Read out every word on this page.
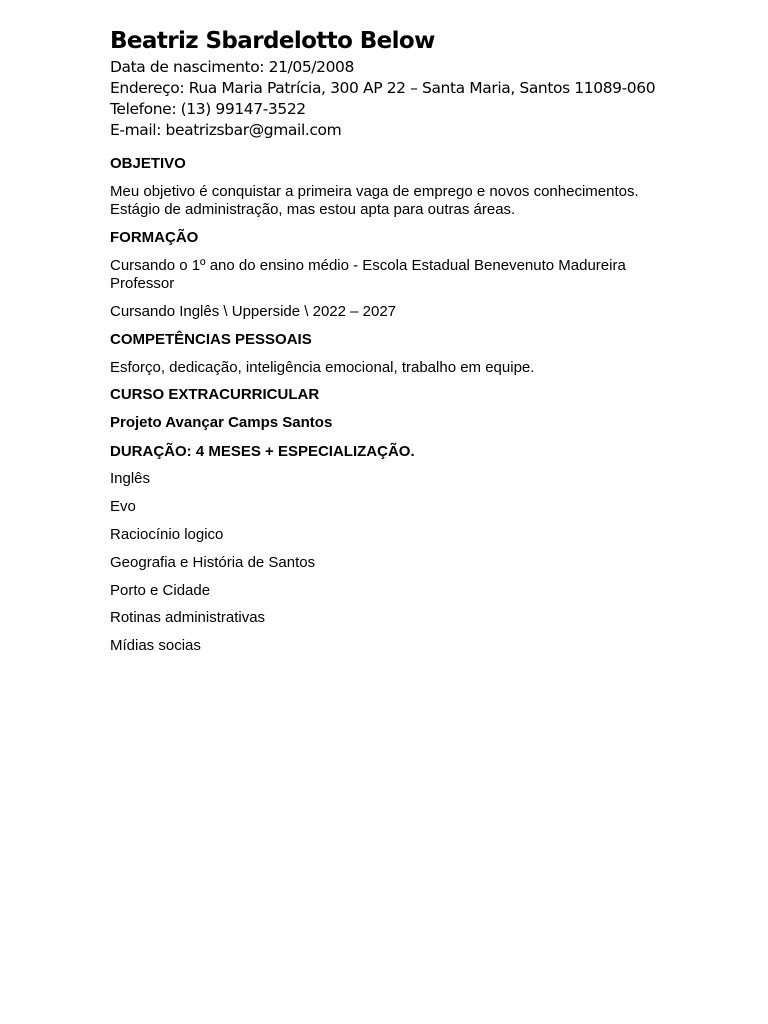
Beatriz Sbardelotto Below
Data de nascimento: 21/05/2008
Endereço: Rua Maria Patrícia, 300 AP 22 – Santa Maria, Santos 11089-060
Telefone: (13) 99147-3522
E-mail: beatrizsbar@gmail.com
OBJETIVO
Meu objetivo é conquistar a primeira vaga de emprego e novos conhecimentos. Estágio de administração, mas estou apta para outras áreas.
FORMAÇÃO
Cursando o 1º ano do ensino médio - Escola Estadual Benevenuto Madureira Professor
Cursando Inglês \ Upperside \ 2022 – 2027
COMPETÊNCIAS PESSOAIS
Esforço, dedicação, inteligência emocional, trabalho em equipe.
CURSO EXTRACURRICULAR
Projeto Avançar Camps Santos
DURAÇÃO: 4 MESES + ESPECIALIZAÇÃO.
Inglês
Evo
Raciocínio logico
Geografia e História de Santos
Porto e Cidade
Rotinas administrativas
Mídias socias
